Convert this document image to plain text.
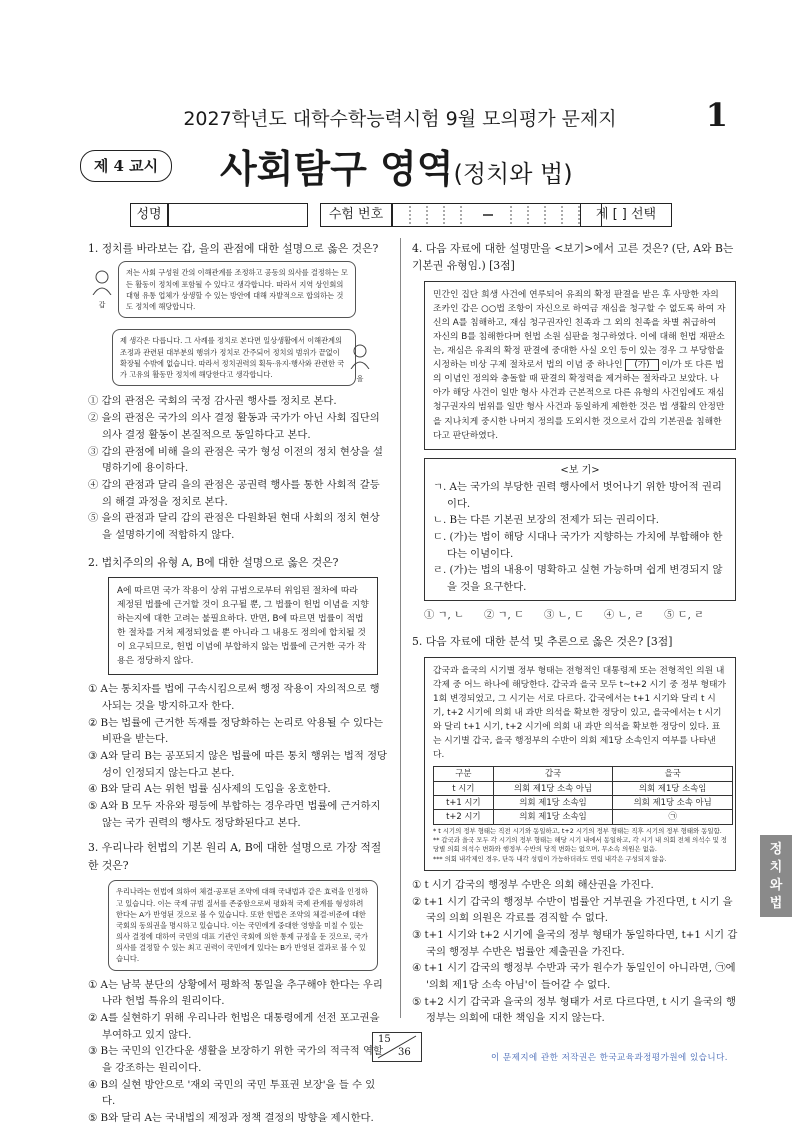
2027학년도 대학수학능력시험 9월 모의평가 문제지	1
제 4 교시	사회탐구 영역(정치와 법)
성명	수험 번호	제 [ ] 선택
1. 정치를 바라보는 갑, 을의 관점에 대한 설명으로 옳은 것은?
갑
저는 사회 구성원 간의 이해관계를 조정하고 공동의 의사를 결정하는 모든 활동이 정치에 포함될 수 있다고 생각합니다. 따라서 지역 상인회의 대형 유통 업체가 상생할 수 있는 방안에 대해 자발적으로 합의하는 것도 정치에 해당합니다.
제 생각은 다릅니다. 그 사례를 정치로 본다면 일상생활에서 이해관계의 조정과 관련된 대부분의 행위가 정치로 간주되어 정치의 범위가 끝없이 확장될 수밖에 없습니다. 따라서 정치권력의 획득·유지·행사와 관련한 국가 고유의 활동만 정치에 해당한다고 생각합니다.	을
① 갑의 관점은 국회의 국정 감사권 행사를 정치로 본다.
② 을의 관점은 국가의 의사 결정 활동과 국가가 아닌 사회 집단의 의사 결정 활동이 본질적으로 동일하다고 본다.
③ 갑의 관점에 비해 을의 관점은 국가 형성 이전의 정치 현상을 설명하기에 용이하다.
④ 갑의 관점과 달리 을의 관점은 공권력 행사를 통한 사회적 갈등의 해결 과정을 정치로 본다.
⑤ 을의 관점과 달리 갑의 관점은 다원화된 현대 사회의 정치 현상을 설명하기에 적합하지 않다.
2. 법치주의의 유형 A, B에 대한 설명으로 옳은 것은?
A에 따르면 국가 작용이 상위 규범으로부터 위임된 절차에 따라 제정된 법률에 근거할 것이 요구될 뿐, 그 법률이 헌법 이념을 지향하는지에 대한 고려는 불필요하다. 반면, B에 따르면 법률이 적법한 절차를 거쳐 제정되었을 뿐 아니라 그 내용도 정의에 합치될 것이 요구되므로, 헌법 이념에 부합하지 않는 법률에 근거한 국가 작용은 정당하지 않다.
① A는 통치자를 법에 구속시킴으로써 행정 작용이 자의적으로 행사되는 것을 방지하고자 한다.
② B는 법률에 근거한 독재를 정당화하는 논리로 악용될 수 있다는 비판을 받는다.
③ A와 달리 B는 공포되지 않은 법률에 따른 통치 행위는 법적 정당성이 인정되지 않는다고 본다.
④ B와 달리 A는 위헌 법률 심사제의 도입을 옹호한다.
⑤ A와 B 모두 자유와 평등에 부합하는 경우라면 법률에 근거하지 않는 국가 권력의 행사도 정당화된다고 본다.
3. 우리나라 헌법의 기본 원리 A, B에 대한 설명으로 가장 적절한 것은?
우리나라는 헌법에 의하여 체결·공포된 조약에 대해 국내법과 같은 효력을 인정하고 있습니다. 이는 국제 규범 질서를 존중함으로써 평화적 국제 관계를 형성하려 한다는 A가 반영된 것으로 볼 수 있습니다. 또한 헌법은 조약의 체결·비준에 대한 국회의 동의권을 명시하고 있습니다. 이는 국민에게 중대한 영향을 미칠 수 있는 의사 결정에 대하여 국민의 대표 기관인 국회에 의한 통제 규정을 둔 것으로, 국가 의사를 결정할 수 있는 최고 권력이 국민에게 있다는 B가 반영된 결과로 볼 수 있습니다.
① A는 남북 분단의 상황에서 평화적 통일을 추구해야 한다는 우리나라 헌법 특유의 원리이다.
② A를 실현하기 위해 우리나라 헌법은 대통령에게 선전 포고권을 부여하고 있지 않다.
③ B는 국민의 인간다운 생활을 보장하기 위한 국가의 적극적 역할을 강조하는 원리이다.
④ B의 실현 방안으로 '재외 국민의 국민 투표권 보장'을 들 수 있다.
⑤ B와 달리 A는 국내법의 제정과 정책 결정의 방향을 제시한다.
4. 다음 자료에 대한 설명만을 <보기>에서 고른 것은? (단, A와 B는 기본권 유형임.) [3점]
민간인 집단 희생 사건에 연루되어 유죄의 확정 판결을 받은 후 사망한 자의 조카인 갑은 ○○법 조항이 자신으로 하여금 재심을 청구할 수 없도록 하여 자신의 A를 침해하고, 재심 청구권자인 친족과 그 외의 친족을 차별 취급하여 자신의 B를 침해한다며 헌법 소원 심판을 청구하였다. 이에 대해 헌법 재판소는, 재심은 유죄의 확정 판결에 중대한 사실 오인 등이 있는 경우 그 부당함을 시정하는 비상 구제 절차로서 법의 이념 중 하나인 (가) 이/가 또 다른 법의 이념인 정의와 충돌할 때 판결의 확정력을 제거하는 절차라고 보았다. 나아가 해당 사건이 일반 형사 사건과 근본적으로 다른 유형의 사건임에도 재심 청구권자의 범위를 일반 형사 사건과 동일하게 제한한 것은 법 생활의 안정만을 지나치게 중시한 나머지 정의를 도외시한 것으로서 갑의 기본권을 침해한다고 판단하였다.
<보 기>
ㄱ. A는 국가의 부당한 권력 행사에서 벗어나기 위한 방어적 권리이다.
ㄴ. B는 다른 기본권 보장의 전제가 되는 권리이다.
ㄷ. (가)는 법이 해당 시대나 국가가 지향하는 가치에 부합해야 한다는 이념이다.
ㄹ. (가)는 법의 내용이 명확하고 실현 가능하며 쉽게 변경되지 않을 것을 요구한다.
① ㄱ, ㄴ ② ㄱ, ㄷ ③ ㄴ, ㄷ ④ ㄴ, ㄹ ⑤ ㄷ, ㄹ
5. 다음 자료에 대한 분석 및 추론으로 옳은 것은? [3점]
갑국과 을국의 시기별 정부 형태는 전형적인 대통령제 또는 전형적인 의원 내각제 중 어느 하나에 해당한다. 갑국과 을국 모두 t~t+2 시기 중 정부 형태가 1회 변경되었고, 그 시기는 서로 다르다. 갑국에서는 t+1 시기와 달리 t 시기, t+2 시기에 의회 내 과반 의석을 확보한 정당이 있고, 을국에서는 t 시기와 달리 t+1 시기, t+2 시기에 의회 내 과반 의석을 확보한 정당이 있다. 표는 시기별 갑국, 을국 행정부의 수반이 의회 제1당 소속인지 여부를 나타낸다.
구분	갑국	을국
t 시기	의회 제1당 소속 아님	의회 제1당 소속임
t+1 시기	의회 제1당 소속임	의회 제1당 소속 아님
t+2 시기	의회 제1당 소속임	㉠
* t 시기의 정부 형태는 직전 시기와 동일하고, t+2 시기의 정부 형태는 직후 시기의 정부 형태와 동일함.
** 갑국과 을국 모두 각 시기의 정부 형태는 해당 시기 내에서 동일하고, 각 시기 내 의회 전체 의석수 및 정당별 의회 의석수 변화와 행정부 수반의 당적 변화는 없으며, 무소속 의원은 없음.
*** 의회 내각제인 경우, 단독 내각 성립이 가능하더라도 연립 내각은 구성되지 않음.
① t 시기 갑국의 행정부 수반은 의회 해산권을 가진다.
② t+1 시기 갑국의 행정부 수반이 법률안 거부권을 가진다면, t 시기 을국의 의회 의원은 각료를 겸직할 수 없다.
③ t+1 시기와 t+2 시기에 을국의 정부 형태가 동일하다면, t+1 시기 갑국의 행정부 수반은 법률안 제출권을 가진다.
④ t+1 시기 갑국의 행정부 수반과 국가 원수가 동일인이 아니라면, ㉠에 '의회 제1당 소속 아님'이 들어갈 수 없다.
⑤ t+2 시기 갑국과 을국의 정부 형태가 서로 다르다면, t 시기 을국의 행정부는 의회에 대한 책임을 지지 않는다.
정치와 법
15
36	이 문제지에 관한 저작권은 한국교육과정평가원에 있습니다.
